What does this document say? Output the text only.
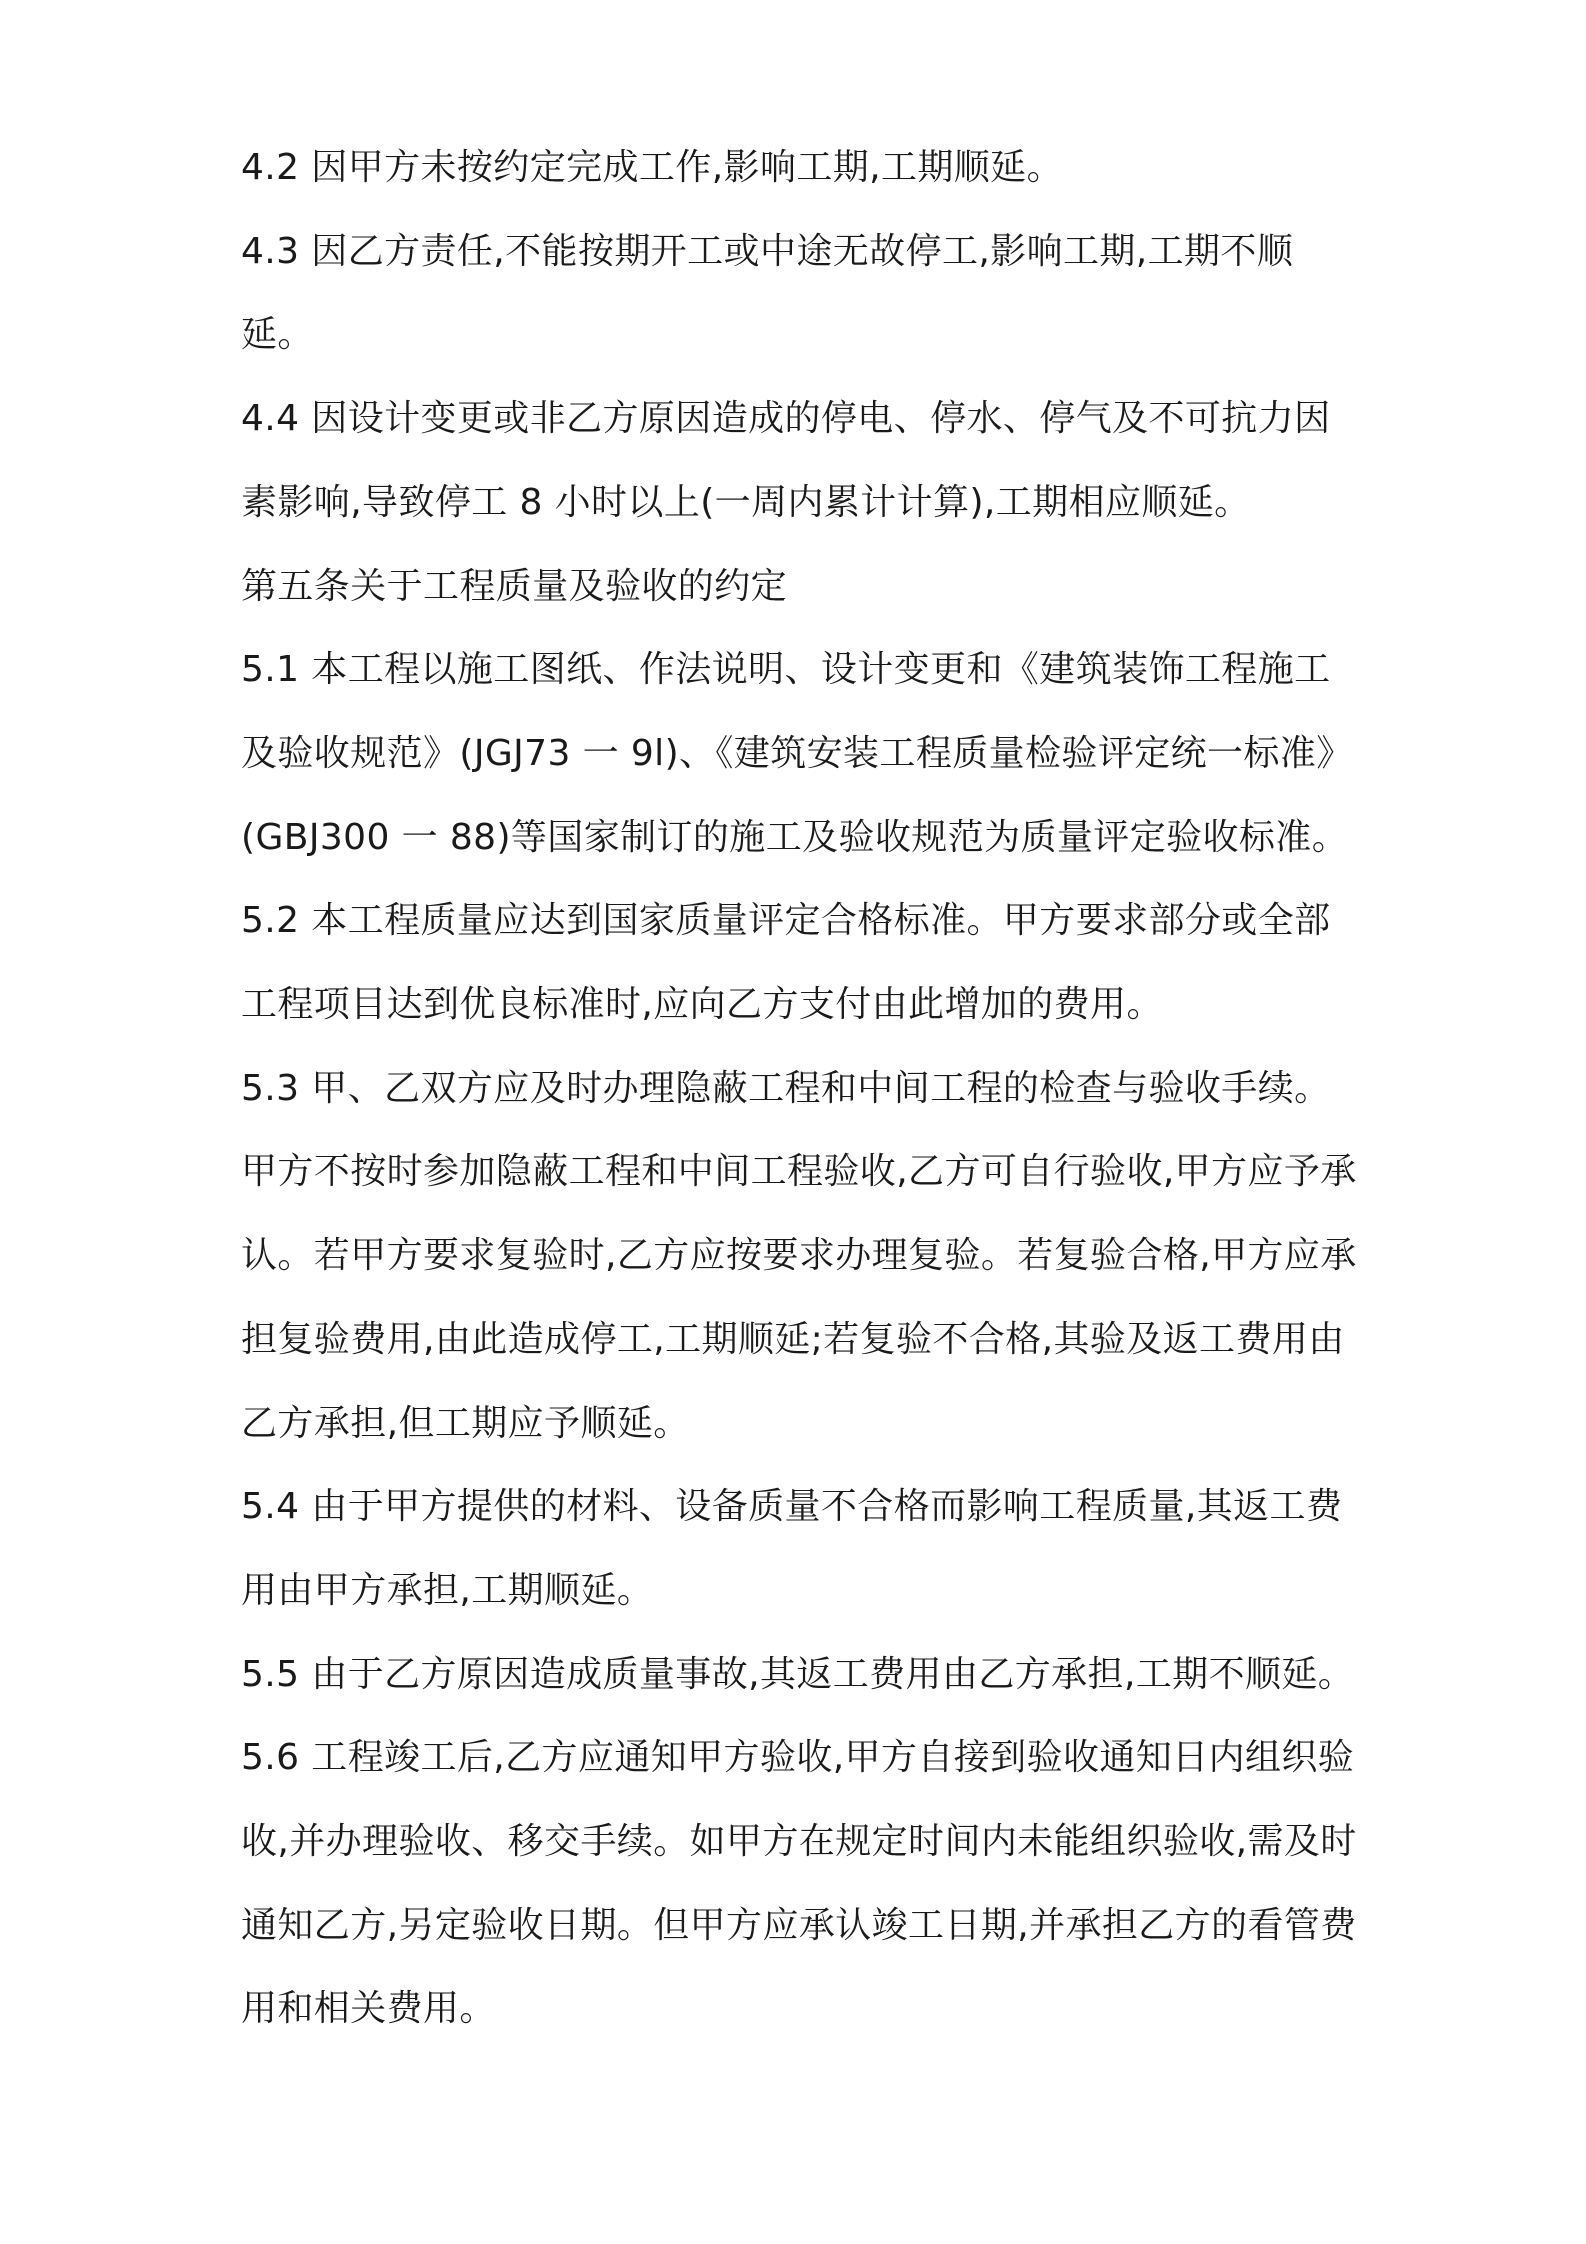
4.2 因甲方未按约定完成工作,影响工期,工期顺延。

4.3 因乙方责任,不能按期开工或中途无故停工,影响工期,工期不顺延。

4.4 因设计变更或非乙方原因造成的停电、停水、停气及不可抗力因素影响,导致停工 8 小时以上(一周内累计计算),工期相应顺延。

第五条关于工程质量及验收的约定

5.1 本工程以施工图纸、作法说明、设计变更和《建筑装饰工程施工及验收规范》(JGJ73 一 9l)、《建筑安装工程质量检验评定统一标准》(GBJ300 一 88)等国家制订的施工及验收规范为质量评定验收标准。

5.2 本工程质量应达到国家质量评定合格标准。甲方要求部分或全部工程项目达到优良标准时,应向乙方支付由此增加的费用。

5.3 甲、乙双方应及时办理隐蔽工程和中间工程的检查与验收手续。甲方不按时参加隐蔽工程和中间工程验收,乙方可自行验收,甲方应予承认。若甲方要求复验时,乙方应按要求办理复验。若复验合格,甲方应承担复验费用,由此造成停工,工期顺延;若复验不合格,其验及返工费用由乙方承担,但工期应予顺延。

5.4 由于甲方提供的材料、设备质量不合格而影响工程质量,其返工费用由甲方承担,工期顺延。

5.5 由于乙方原因造成质量事故,其返工费用由乙方承担,工期不顺延。

5.6 工程竣工后,乙方应通知甲方验收,甲方自接到验收通知日内组织验收,并办理验收、移交手续。如甲方在规定时间内未能组织验收,需及时通知乙方,另定验收日期。但甲方应承认竣工日期,并承担乙方的看管费用和相关费用。
